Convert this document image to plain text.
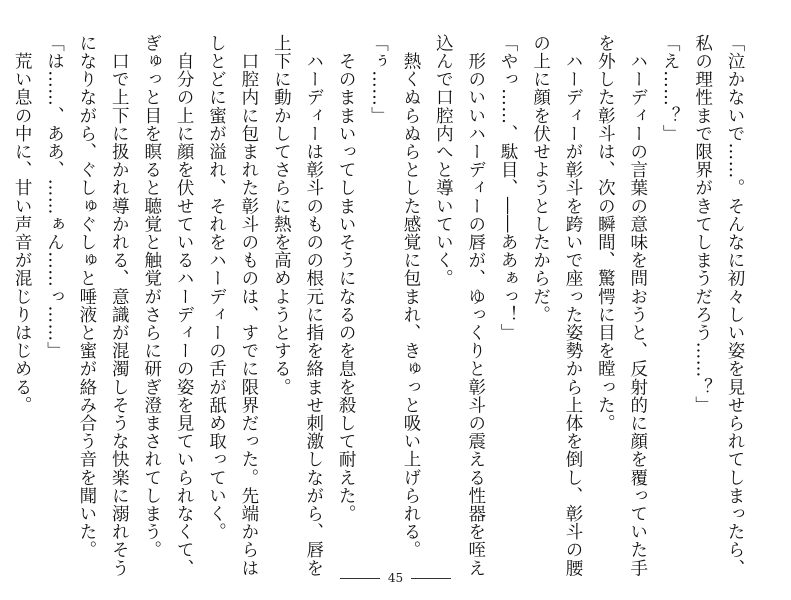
「泣かないで……。そんなに初々しい姿を見せられてしまったら、
私の理性まで限界がきてしまうだろう……？」
「え……？」
　ハーディーの言葉の意味を問おうと、反射的に顔を覆っていた手
を外した彰斗は、次の瞬間、驚愕に目を瞠った。
　ハーディーが彰斗を跨いで座った姿勢から上体を倒し、彰斗の腰
の上に顔を伏せようとしたからだ。
「やっ……、駄目、――ああぁっ！」
　形のいいハーディーの唇が、ゆっくりと彰斗の震える性器を咥え
込んで口腔内へと導いていく。
　熱くぬらぬらとした感覚に包まれ、きゅっと吸い上げられる。
「ぅ……」
　そのままいってしまいそうになるのを息を殺して耐えた。
　ハーディーは彰斗のものの根元に指を絡ませ刺激しながら、唇を
上下に動かしてさらに熱を高めようとする。
　口腔内に包まれた彰斗のものは、すでに限界だった。先端からは
しとどに蜜が溢れ、それをハーディーの舌が舐め取っていく。
　自分の上に顔を伏せているハーディーの姿を見ていられなくて、
ぎゅっと目を瞑ると聴覚と触覚がさらに研ぎ澄まされてしまう。
　口で上下に扱かれ導かれる、意識が混濁しそうな快楽に溺れそう
になりながら、ぐしゅぐしゅと唾液と蜜が絡み合う音を聞いた。
「は……、ああ、……ぁん……っ……」
　荒い息の中に、甘い声音が混じりはじめる。
45
